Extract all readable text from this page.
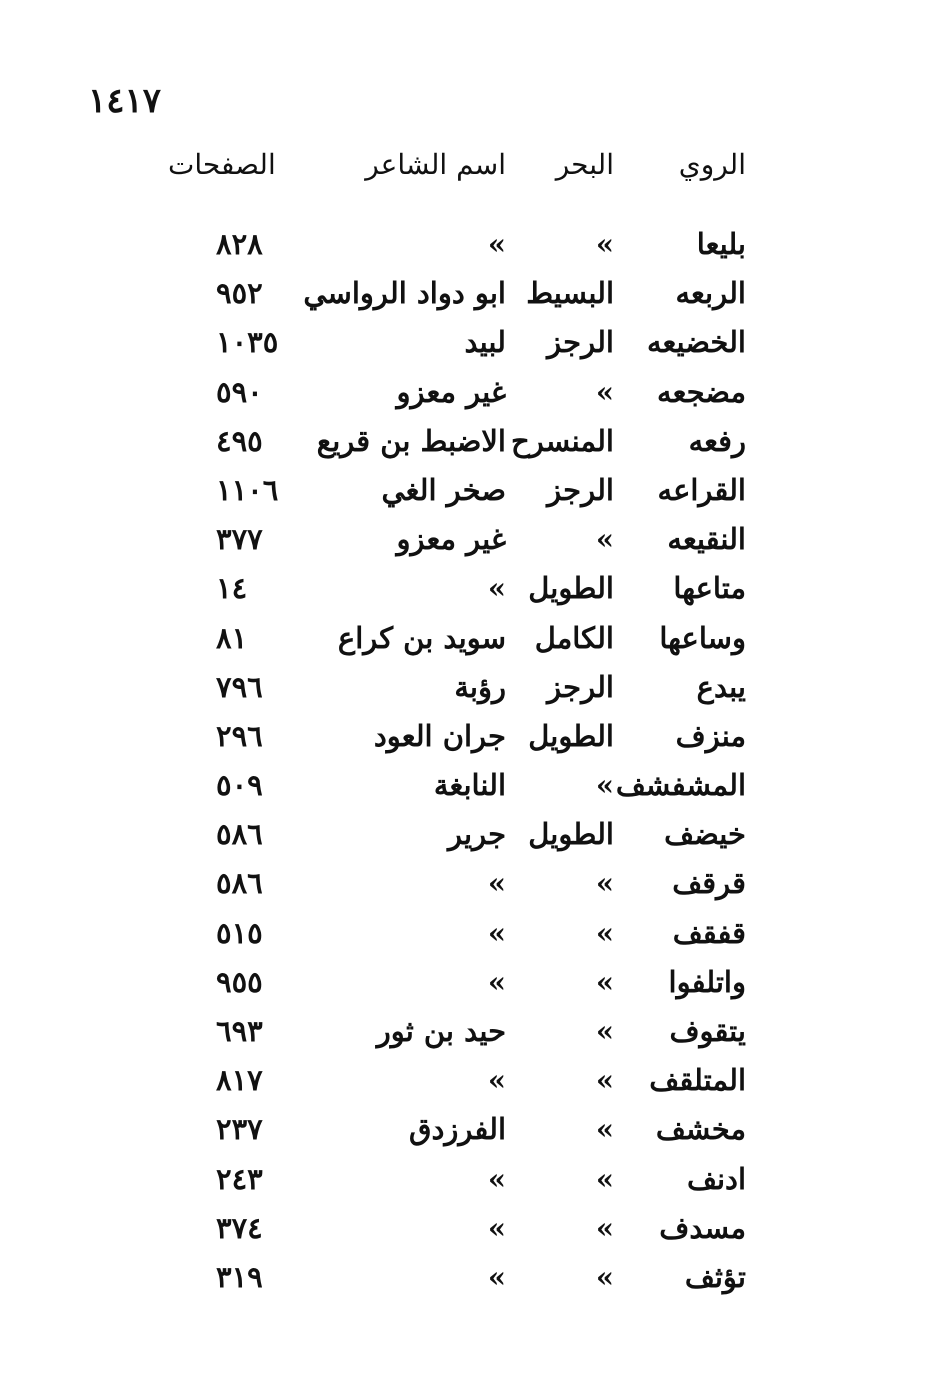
١٤١٧
الروي
البحر
اسم الشاعر
الصفحات
بليعا
»
»
٨٢٨
الربعه
البسيط
ابو دواد الرواسي
٩٥٢
الخضيعه
الرجز
لبيد
١٠٣٥
مضجعه
»
غير معزو
٥٩٠
رفعه
المنسرح
الاضبط بن قريع
٤٩٥
القراعه
الرجز
صخر الغي
١١٠٦
النقيعه
»
غير معزو
٣٧٧
متاعها
الطويل
»
١٤
وساعها
الكامل
سويد بن كراع
٨١
يبدع
الرجز
رؤبة
٧٩٦
منزف
الطويل
جران العود
٢٩٦
المشفشف
»
النابغة
٥٠٩
خيضف
الطويل
جرير
٥٨٦
قرقف
»
»
٥٨٦
قفقف
»
»
٥١٥
واتلفوا
»
»
٩٥٥
يتقوف
»
حيد بن ثور
٦٩٣
المتلقف
»
»
٨١٧
مخشف
»
الفرزدق
٢٣٧
ادنف
»
»
٢٤٣
مسدف
»
»
٣٧٤
تؤثف
»
»
٣١٩
